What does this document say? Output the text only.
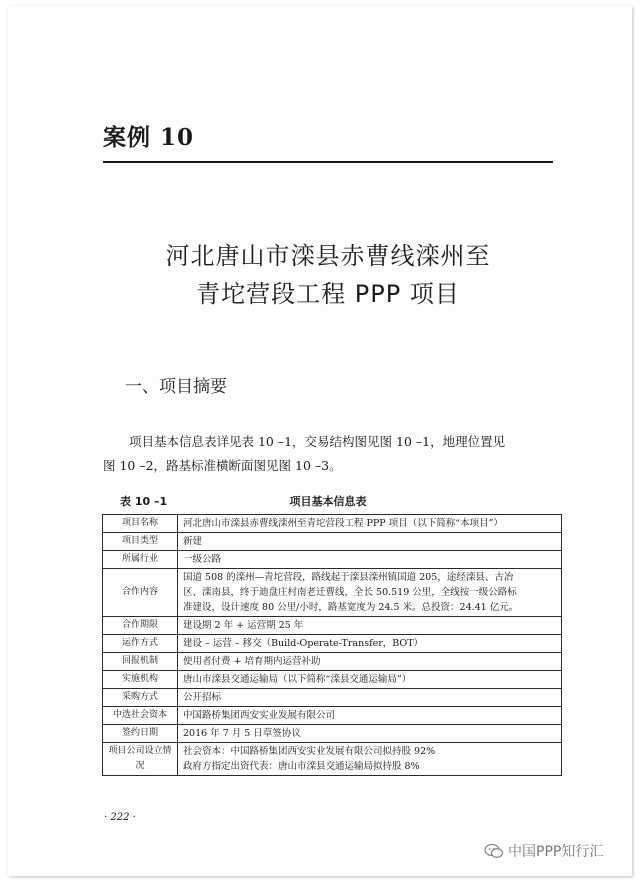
案例 10
河北唐山市滦县赤曹线滦州至
青坨营段工程 PPP 项目
一、项目摘要
项目基本信息表详见表 10 –1，交易结构图见图 10 –1，地理位置见
图 10 –2，路基标准横断面图见图 10 –3。
表 10 –1	项目基本信息表
项目名称	河北唐山市滦县赤曹线滦州至青坨营段工程 PPP 项目（以下简称“本项目”）

项目类型	新建

所属行业	一级公路

合作内容	国道 508 的滦州—青坨营段，路线起于滦县滦州镇国道 205，途经滦县、古冶
区、滦南县，终于迪盘庄村南老迁曹线，全长 50.519 公里，全线按一级公路标
准建设，设计速度 80 公里/小时，路基宽度为 24.5 米。总投资：24.41 亿元。

合作期限	建设期 2 年 + 运营期 25 年

运作方式	建设 – 运营 – 移交（Build-Operate-Transfer，BOT）

回报机制	使用者付费 + 培育期内运营补助

实施机构	唐山市滦县交通运输局（以下简称“滦县交通运输局”）

采购方式	公开招标

中选社会资本	中国路桥集团西安实业发展有限公司

签约日期	2016 年 7 月 5 日草签协议

项目公司设立情况	社会资本：中国路桥集团西安实业发展有限公司拟持股 92%
政府方指定出资代表：唐山市滦县交通运输局拟持股 8%
· 222 ·
中国PPP知行汇
